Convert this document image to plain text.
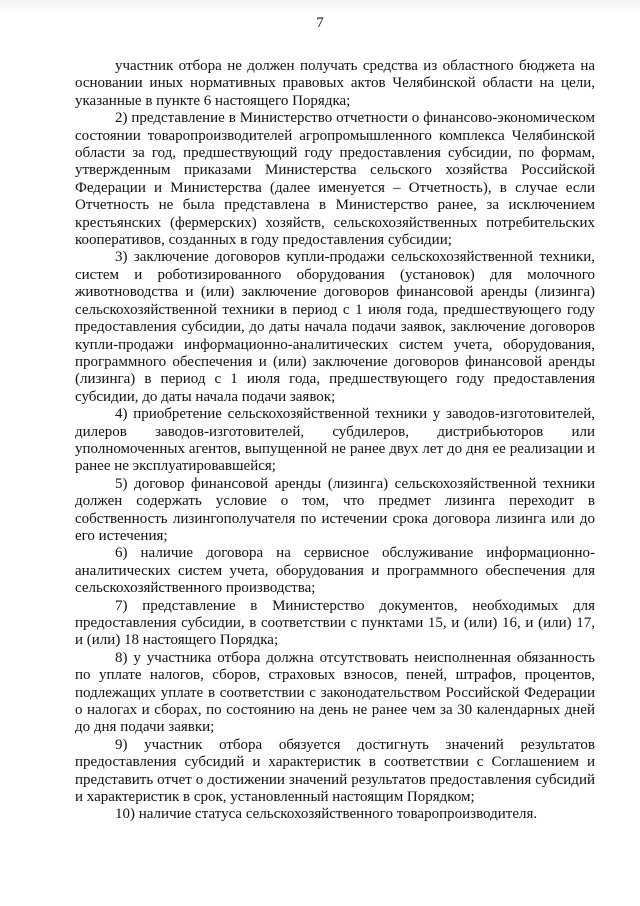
7

участник отбора не должен получать средства из областного бюджета на основании иных нормативных правовых актов Челябинской области на цели, указанные в пункте 6 настоящего Порядка;

2) представление в Министерство отчетности о финансово-экономическом состоянии товаропроизводителей агропромышленного комплекса Челябинской области за год, предшествующий году предоставления субсидии, по формам, утвержденным приказами Министерства сельского хозяйства Российской Федерации и Министерства (далее именуется – Отчетность), в случае если Отчетность не была представлена в Министерство ранее, за исключением крестьянских (фермерских) хозяйств, сельскохозяйственных потребительских кооперативов, созданных в году предоставления субсидии;

3) заключение договоров купли-продажи сельскохозяйственной техники, систем и роботизированного оборудования (установок) для молочного животноводства и (или) заключение договоров финансовой аренды (лизинга) сельскохозяйственной техники в период с 1 июля года, предшествующего году предоставления субсидии, до даты начала подачи заявок, заключение договоров купли-продажи информационно-аналитических систем учета, оборудования, программного обеспечения и (или) заключение договоров финансовой аренды (лизинга) в период с 1 июля года, предшествующего году предоставления субсидии, до даты начала подачи заявок;

4) приобретение сельскохозяйственной техники у заводов-изготовителей, дилеров заводов-изготовителей, субдилеров, дистрибьюторов или уполномоченных агентов, выпущенной не ранее двух лет до дня ее реализации и ранее не эксплуатировавшейся;

5) договор финансовой аренды (лизинга) сельскохозяйственной техники должен содержать условие о том, что предмет лизинга переходит в собственность лизингополучателя по истечении срока договора лизинга или до его истечения;

6) наличие договора на сервисное обслуживание информационно-аналитических систем учета, оборудования и программного обеспечения для сельскохозяйственного производства;

7) представление в Министерство документов, необходимых для предоставления субсидии, в соответствии с пунктами 15, и (или) 16, и (или) 17, и (или) 18 настоящего Порядка;

8) у участника отбора должна отсутствовать неисполненная обязанность по уплате налогов, сборов, страховых взносов, пеней, штрафов, процентов, подлежащих уплате в соответствии с законодательством Российской Федерации о налогах и сборах, по состоянию на день не ранее чем за 30 календарных дней до дня подачи заявки;

9) участник отбора обязуется достигнуть значений результатов предоставления субсидий и характеристик в соответствии с Соглашением и представить отчет о достижении значений результатов предоставления субсидий и характеристик в срок, установленный настоящим Порядком;

10) наличие статуса сельскохозяйственного товаропроизводителя.
